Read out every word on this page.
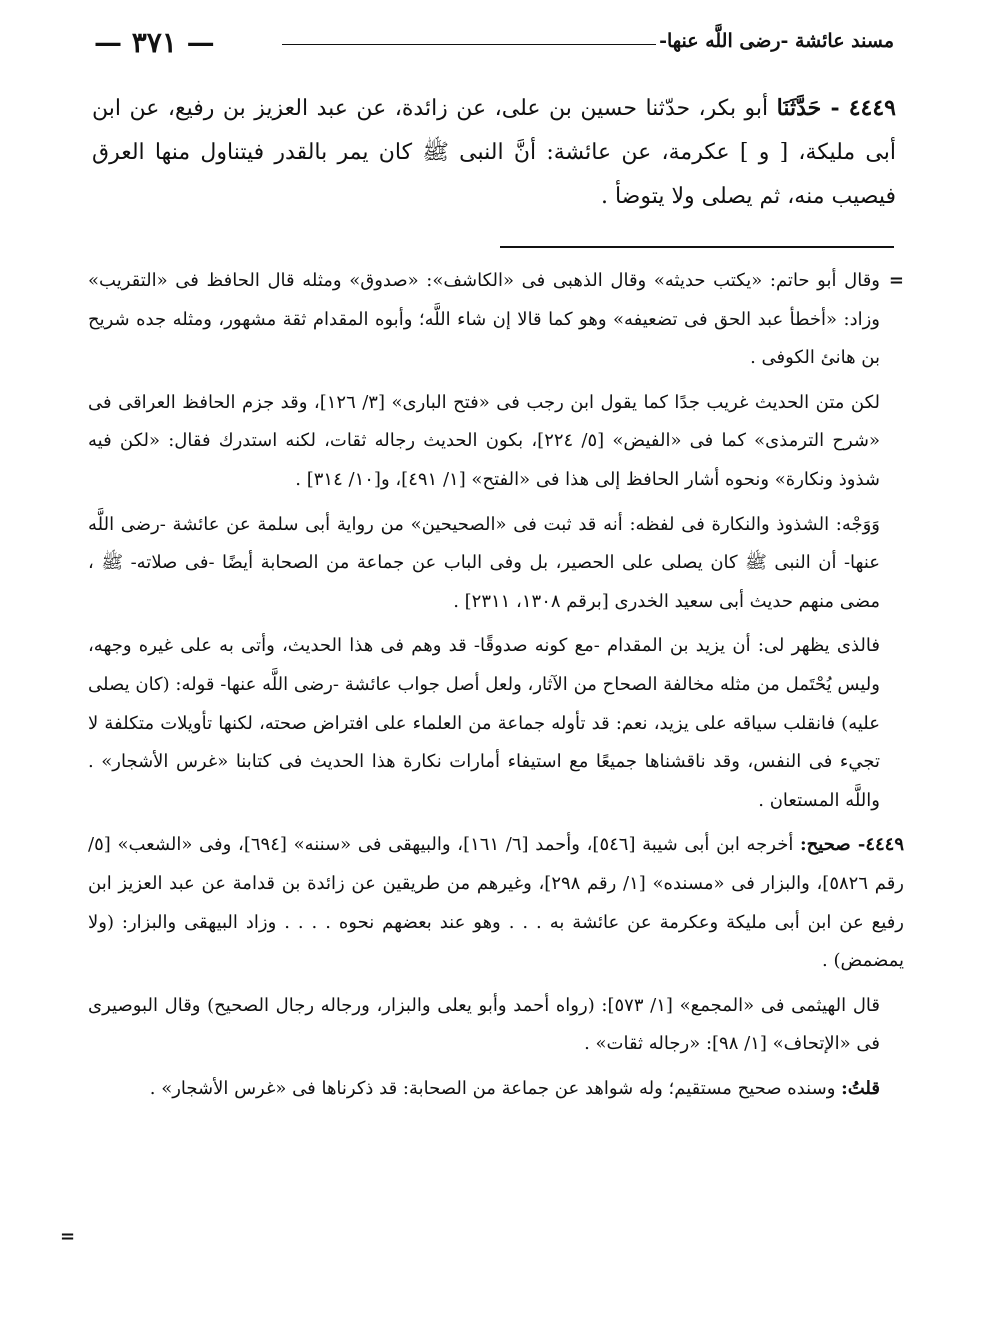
مسند عائشة -رضى اللَّه عنها-
— ٣٧١ —
٤٤٤٩ - حَدَّثَنَا أبو بكر، حدّثنا حسين بن على، عن زائدة، عن عبد العزيز بن رفيع، عن ابن أبى مليكة، [ و ] عكرمة، عن عائشة: أنَّ النبى ﷺ كان يمر بالقدر فيتناول منها العرق فيصيب منه، ثم يصلى ولا يتوضأ .

=
وقال أبو حاتم: «يكتب حديثه» وقال الذهبى فى «الكاشف»: «صدوق» ومثله قال الحافظ فى «التقريب» وزاد: «أخطأ عبد الحق فى تضعيفه» وهو كما قالا إن شاء اللَّه؛ وأبوه المقدام ثقة مشهور، ومثله جده شريح بن هانئ الكوفى .

لكن متن الحديث غريب جدًا كما يقول ابن رجب فى «فتح البارى» [٣/ ١٢٦]، وقد جزم الحافظ العراقى فى «شرح الترمذى» كما فى «الفيض» [٥/ ٢٢٤]، بكون الحديث رجاله ثقات، لكنه استدرك فقال: «لكن فيه شذوذ ونكارة» ونحوه أشار الحافظ إلى هذا فى «الفتح» [١/ ٤٩١]، و[١٠/ ٣١٤] .

وَوَجْه: الشذوذ والنكارة فى لفظه: أنه قد ثبت فى «الصحيحين» من رواية أبى سلمة عن عائشة -رضى اللَّه عنها- أن النبى ﷺ كان يصلى على الحصير، بل وفى الباب عن جماعة من الصحابة أيضًا -فى صلاته- ﷺ ، مضى منهم حديث أبى سعيد الخدرى [برقم ١٣٠٨، ٢٣١١] .

فالذى يظهر لى: أن يزيد بن المقدام -مع كونه صدوقًا- قد وهم فى هذا الحديث، وأتى به على غيره وجهه، وليس يُحْتَمل من مثله مخالفة الصحاح من الآثار، ولعل أصل جواب عائشة -رضى اللَّه عنها- قوله: (كان يصلى عليه) فانقلب سياقه على يزيد، نعم: قد تأوله جماعة من العلماء على افتراض صحته، لكنها تأويلات متكلفة لا تجيء فى النفس، وقد ناقشناها جميعًا مع استيفاء أمارات نكارة هذا الحديث فى كتابنا «غرس الأشجار» . واللَّه المستعان .

٤٤٤٩- صحيح: أخرجه ابن أبى شيبة [٥٤٦]، وأحمد [٦/ ١٦١]، والبيهقى فى «سننه» [٦٩٤]، وفى «الشعب» [٥/ رقم ٥٨٢٦]، والبزار فى «مسنده» [١/ رقم ٢٩٨]، وغيرهم من طريقين عن زائدة بن قدامة عن عبد العزيز ابن رفيع عن ابن أبى مليكة وعكرمة عن عائشة به . . . وهو عند بعضهم نحوه . . . . وزاد البيهقى والبزار: (ولا يمضمض) .

قال الهيثمى فى «المجمع» [١/ ٥٧٣]: (رواه أحمد وأبو يعلى والبزار، ورجاله رجال الصحيح) وقال البوصيرى فى «الإتحاف» [١/ ٩٨]: «رجاله ثقات» .

قلتُ: وسنده صحيح مستقيم؛ وله شواهد عن جماعة من الصحابة: قد ذكرناها فى «غرس الأشجار» .

=
